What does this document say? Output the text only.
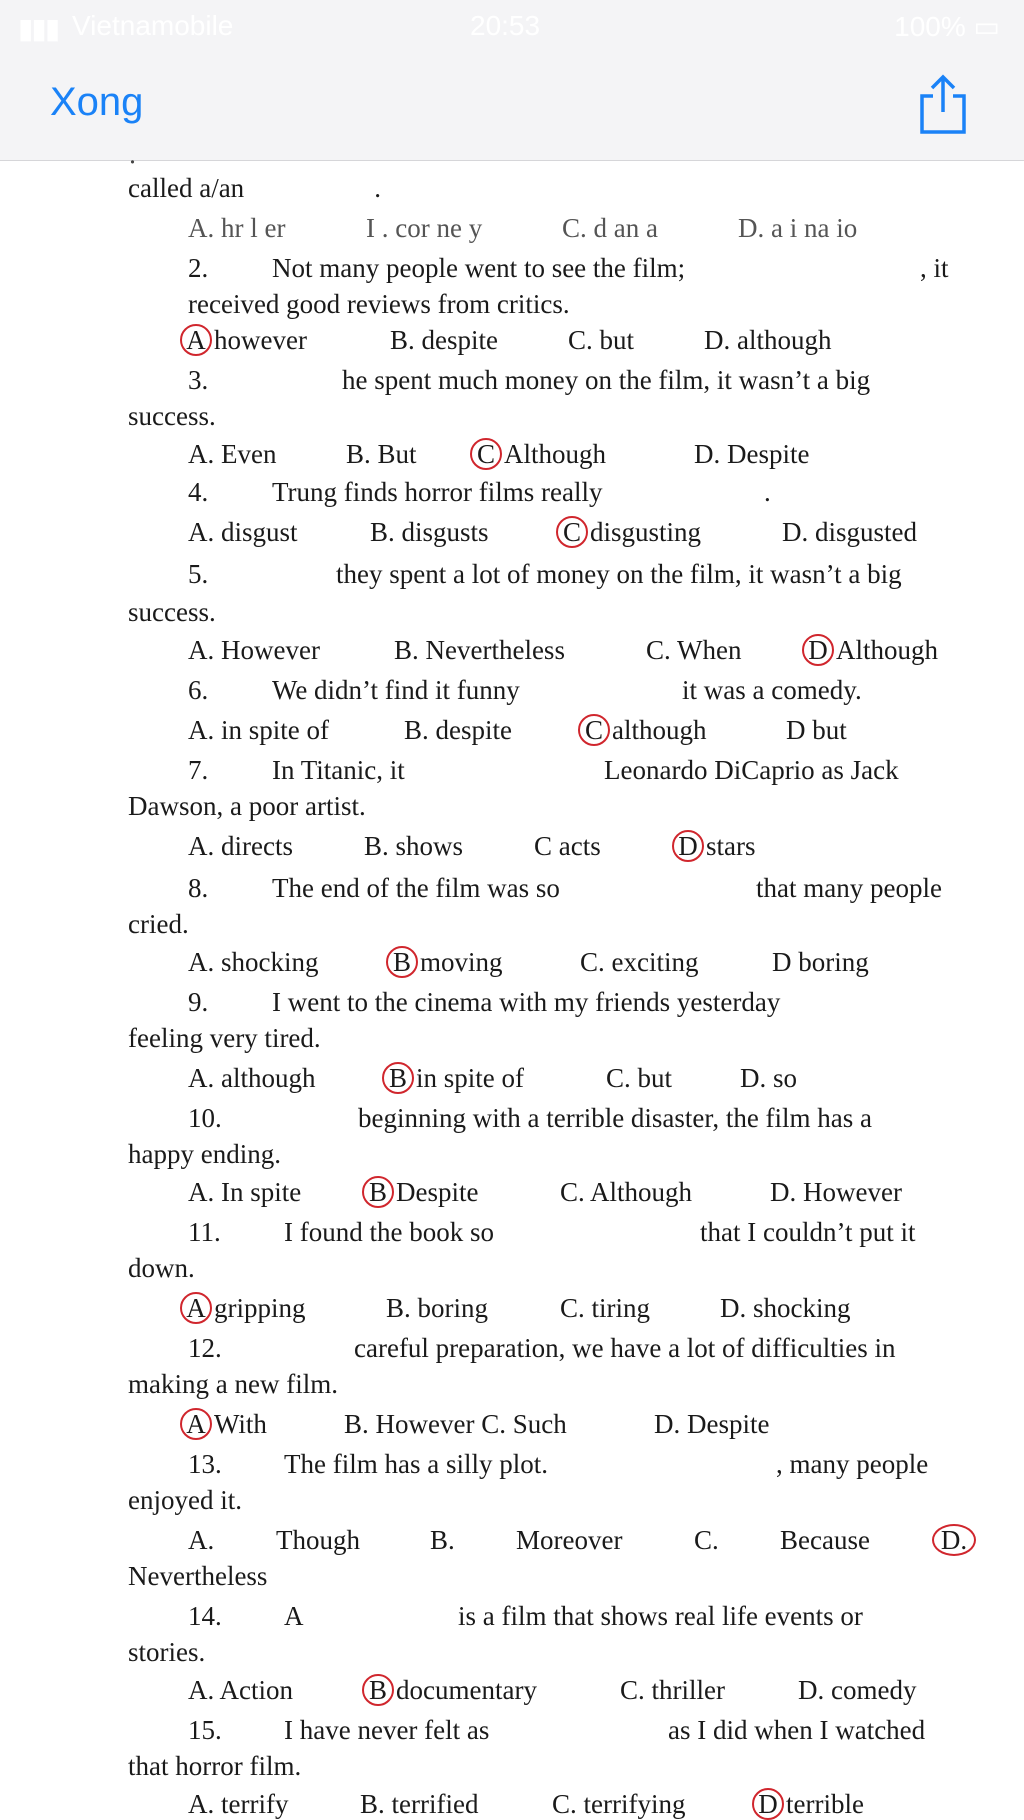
▮▮▮ Vietnamobile	20:53	100% ▭
Xong
·
called a/an	.
A. hr l er	I . cor ne y	C. d an a	D. a i na io
2. Not many people went to see the film;	, it
received good reviews from critics.
A however	B. despite	C. but	D. although
3.	he spent much money on the film, it wasn’t a big
success.
A. Even	B. But C Although	D. Despite
4. Trung finds horror films really	.
A. disgust	B. disgusts	C disgusting	D. disgusted
5.	they spent a lot of money on the film, it wasn’t a big
success.
A. However	B. Nevertheless	C. When D Although
6. We didn’t find it funny	it was a comedy.
A. in spite of	B. despite	C although	D but
7. In Titanic, it	Leonardo DiCaprio as Jack
Dawson, a poor artist.
A. directs	B. shows	C acts	D stars
8. The end of the film was so	that many people
cried.
A. shocking	B moving	C. exciting	D boring
9. I went to the cinema with my friends yesterday
feeling very tired.
A. although	B in spite of	C. but	D. so
10.	beginning with a terrible disaster, the film has a
happy ending.
A. In spite	B Despite	C. Although	D. However
11. I found the book so	that I couldn’t put it
down.
A gripping	B. boring	C. tiring	D. shocking
12.	careful preparation, we have a lot of difficulties in
making a new film.
A With	B. However C. Such	D. Despite
13. The film has a silly plot.	, many people
enjoyed it.
A. Though	B. Moreover	C. Because	D.
Nevertheless
14. A	is a film that shows real life events or
stories.
A. Action	B documentary	C. thriller	D. comedy
15. I have never felt as	as I did when I watched
that horror film.
A. terrify	B. terrified	C. terrifying	D terrible
